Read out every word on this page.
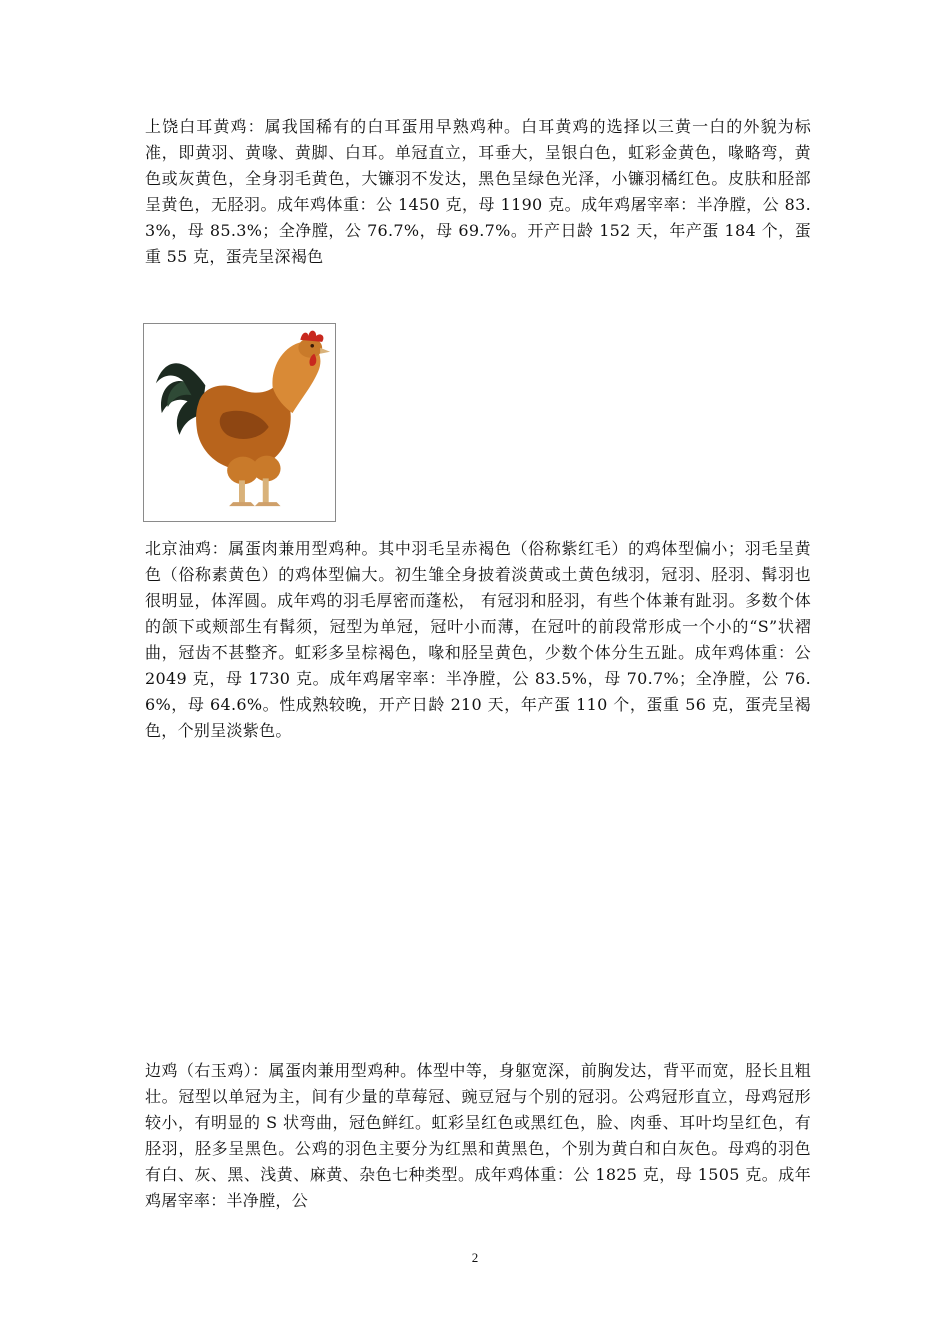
上饶白耳黄鸡：属我国稀有的白耳蛋用早熟鸡种。白耳黄鸡的选择以三黄一白的外貌为标准，即黄羽、黄喙、黄脚、白耳。单冠直立，耳垂大，呈银白色，虹彩金黄色，喙略弯，黄色或灰黄色，全身羽毛黄色，大镰羽不发达，黑色呈绿色光泽，小镰羽橘红色。皮肤和胫部呈黄色，无胫羽。成年鸡体重：公 1450 克，母 1190 克。成年鸡屠宰率：半净膛，公 83.3%，母 85.3%；全净膛，公 76.7%，母 69.7%。开产日龄 152 天，年产蛋 184 个，蛋重 55 克，蛋壳呈深褐色

北京油鸡：属蛋肉兼用型鸡种。其中羽毛呈赤褐色（俗称紫红毛）的鸡体型偏小；羽毛呈黄色（俗称素黄色）的鸡体型偏大。初生雏全身披着淡黄或土黄色绒羽，冠羽、胫羽、髯羽也很明显，体浑圆。成年鸡的羽毛厚密而蓬松， 有冠羽和胫羽，有些个体兼有趾羽。多数个体的颌下或颊部生有髯须，冠型为单冠，冠叶小而薄，在冠叶的前段常形成一个小的“S”状褶曲，冠齿不甚整齐。虹彩多呈棕褐色，喙和胫呈黄色，少数个体分生五趾。成年鸡体重：公 2049 克，母 1730 克。成年鸡屠宰率：半净膛，公 83.5%，母 70.7%；全净膛，公 76.6%，母 64.6%。性成熟较晚，开产日龄 210 天，年产蛋 110 个，蛋重 56 克，蛋壳呈褐色，个别呈淡紫色。

边鸡（右玉鸡）：属蛋肉兼用型鸡种。体型中等，身躯宽深，前胸发达，背平而宽，胫长且粗壮。冠型以单冠为主，间有少量的草莓冠、豌豆冠与个别的冠羽。公鸡冠形直立，母鸡冠形较小，有明显的 S 状弯曲，冠色鲜红。虹彩呈红色或黑红色，脸、肉垂、耳叶均呈红色，有胫羽，胫多呈黑色。公鸡的羽色主要分为红黑和黄黑色，个别为黄白和白灰色。母鸡的羽色有白、灰、黑、浅黄、麻黄、杂色七种类型。成年鸡体重：公 1825 克，母 1505 克。成年鸡屠宰率：半净膛，公

2
